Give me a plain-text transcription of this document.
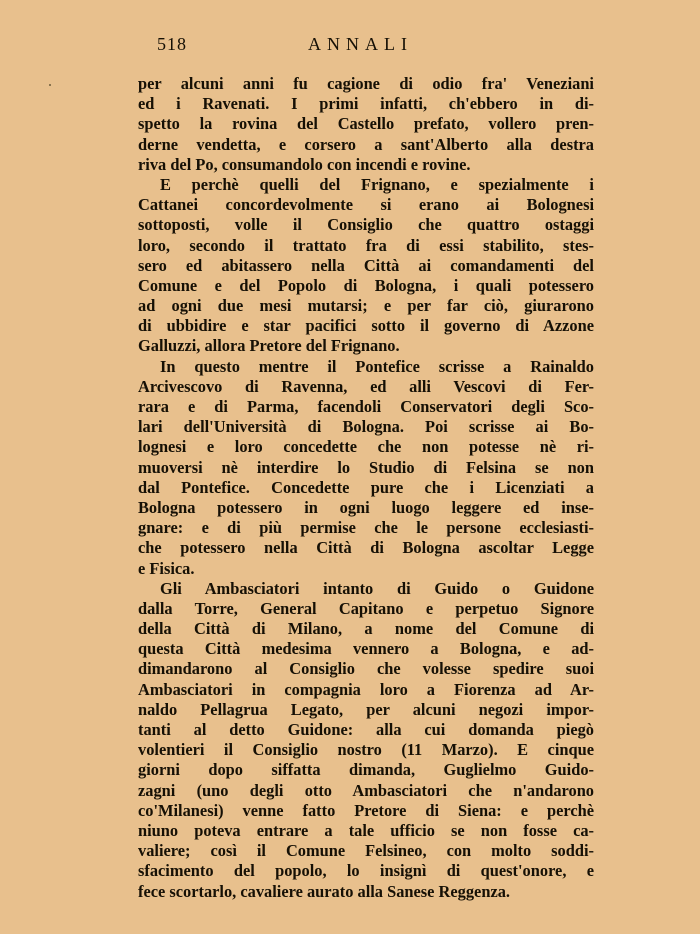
518	ANNALI
per alcuni anni fu cagione di odio fra' Veneziani
ed i Ravenati. I primi infatti, ch'ebbero in di-
spetto la rovina del Castello prefato, vollero pren-
derne vendetta, e corsero a sant'Alberto alla destra
riva del Po, consumandolo con incendi e rovine.
E perchè quelli del Frignano, e spezialmente i
Cattanei concordevolmente si erano ai Bolognesi
sottoposti, volle il Consiglio che quattro ostaggi
loro, secondo il trattato fra di essi stabilito, stes-
sero ed abitassero nella Città ai comandamenti del
Comune e del Popolo di Bologna, i quali potessero
ad ogni due mesi mutarsi; e per far ciò, giurarono
di ubbidire e star pacifici sotto il governo di Azzone
Galluzzi, allora Pretore del Frignano.
In questo mentre il Pontefice scrisse a Rainaldo
Arcivescovo di Ravenna, ed alli Vescovi di Fer-
rara e di Parma, facendoli Conservatori degli Sco-
lari dell'Università di Bologna. Poi scrisse ai Bo-
lognesi e loro concedette che non potesse nè ri-
muoversi nè interdire lo Studio di Felsina se non
dal Pontefice. Concedette pure che i Licenziati a
Bologna potessero in ogni luogo leggere ed inse-
gnare: e di più permise che le persone ecclesiasti-
che potessero nella Città di Bologna ascoltar Legge
e Fisica.
Gli Ambasciatori intanto di Guido o Guidone
dalla Torre, General Capitano e perpetuo Signore
della Città di Milano, a nome del Comune di
questa Città medesima vennero a Bologna, e ad-
dimandarono al Consiglio che volesse spedire suoi
Ambasciatori in compagnia loro a Fiorenza ad Ar-
naldo Pellagrua Legato, per alcuni negozi impor-
tanti al detto Guidone: alla cui domanda piegò
volentieri il Consiglio nostro (11 Marzo). E cinque
giorni dopo siffatta dimanda, Guglielmo Guido-
zagni (uno degli otto Ambasciatori che n'andarono
co'Milanesi) venne fatto Pretore di Siena: e perchè
niuno poteva entrare a tale ufficio se non fosse ca-
valiere; così il Comune Felsineo, con molto soddi-
sfacimento del popolo, lo insignì di quest'onore, e
fece scortarlo, cavaliere aurato alla Sanese Reggenza.
